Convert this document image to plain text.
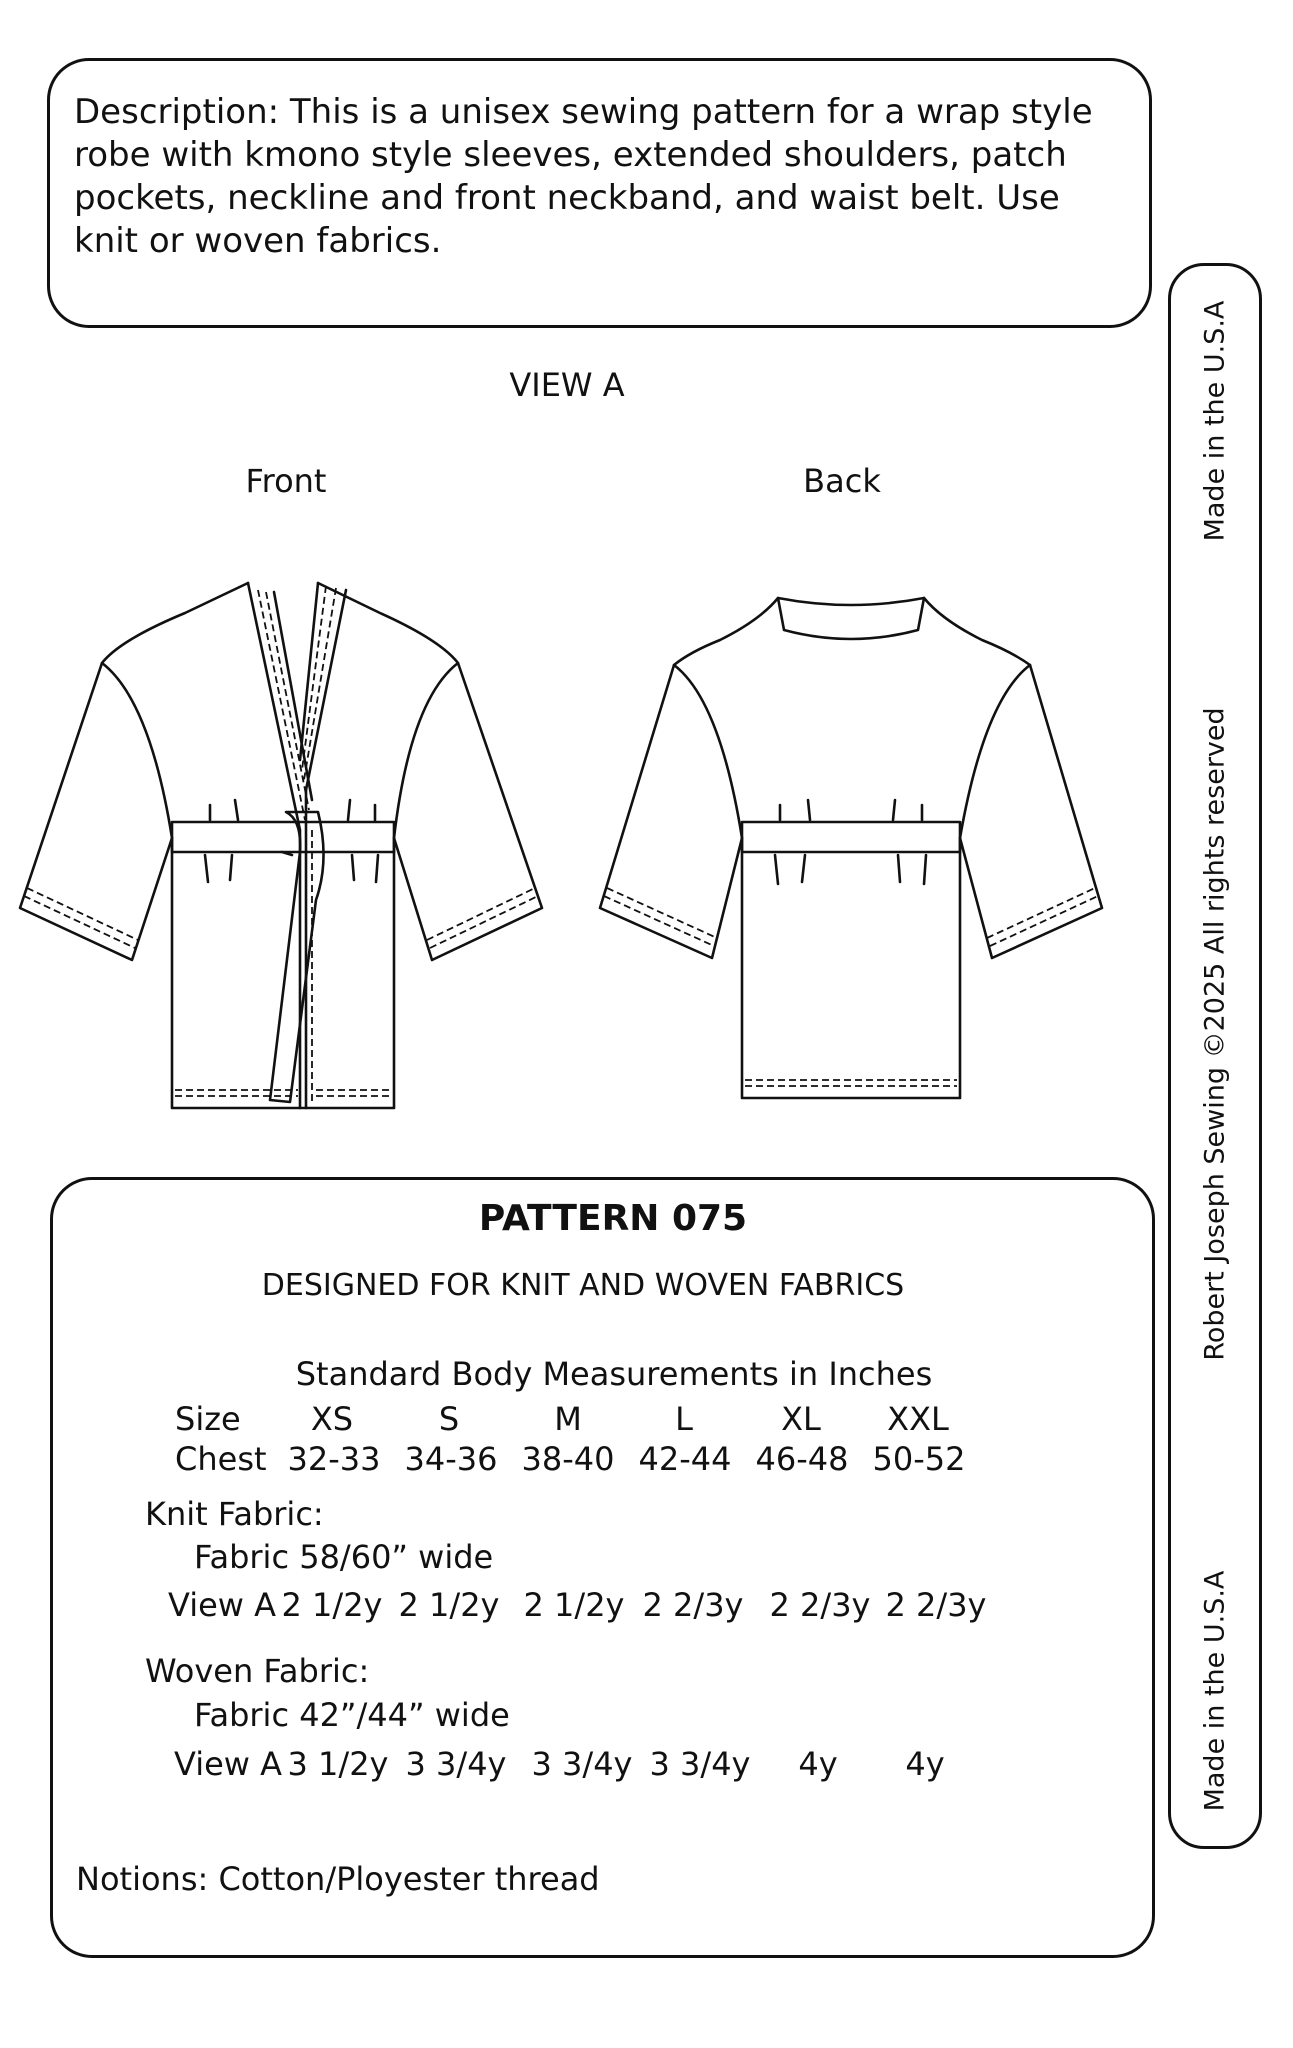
Description: This is a unisex sewing pattern for a wrap style robe with kmono style sleeves, extended shoulders, patch pockets, neckline and front neckband, and waist belt. Use knit or woven fabrics.

Made in the U.S.A
Robert Joseph Sewing ©2025 All rights reserved
Made in the U.S.A
VIEW A
Front	Back
PATTERN 075
DESIGNED FOR KNIT AND WOVEN FABRICS
Standard Body Measurements in Inches
Size XS	S	M	L	XL XXL
Chest 32-33 34-36 38-40 42-44 46-48 50-52
Knit Fabric:
Fabric 58/60” wide
View A 2 1/2y 2 1/2y 2 1/2y 2 2/3y 2 2/3y 2 2/3y
Woven Fabric:
Fabric 42”/44” wide
View A 3 1/2y 3 3/4y 3 3/4y 3 3/4y 4y 4y
Notions: Cotton/Ployester thread
